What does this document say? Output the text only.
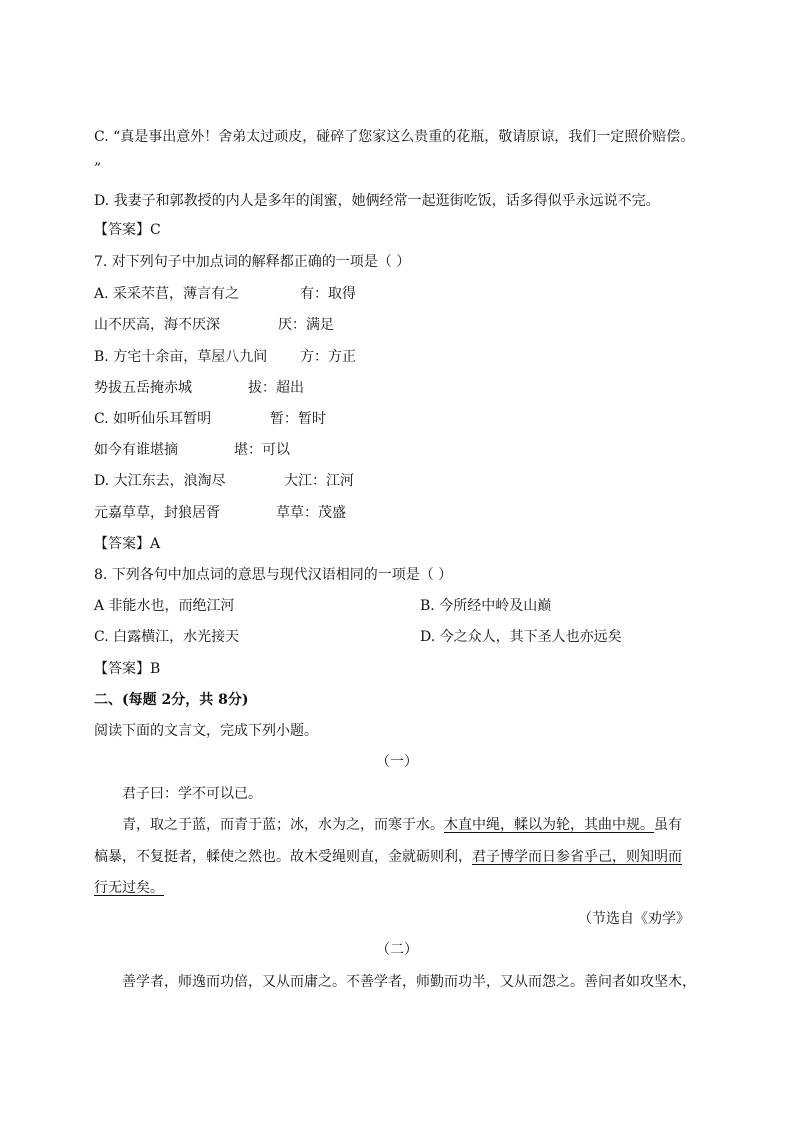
C. “真是事出意外！舍弟太过顽皮，碰碎了您家这么贵重的花瓶，敬请原谅，我们一定照价赔偿。
”
D. 我妻子和郭教授的内人是多年的闺蜜，她俩经常一起逛街吃饭，话多得似乎永远说不完。
【答案】C
7. 对下列句子中加点词的解释都正确的一项是（ ）
A. 采采芣苢，薄言有之	有：取得
山不厌高，海不厌深	厌：满足
B. 方宅十余亩，草屋八九间 方：方正
势拔五岳掩赤城	拔：超出
C. 如听仙乐耳暂明	暂：暂时
如今有谁堪摘	堪：可以
D. 大江东去，浪淘尽	大江：江河
元嘉草草，封狼居胥	草草：茂盛
【答案】A
8. 下列各句中加点词的意思与现代汉语相同的一项是（ ）
A 非能水也，而绝江河	B. 今所经中岭及山巅
C. 白露横江，水光接天	D. 今之众人，其下圣人也亦远矣
【答案】B
二、(每题 2分，共 8分)
阅读下面的文言文，完成下列小题。
（一）
君子曰：学不可以已。
青，取之于蓝，而青于蓝；冰，水为之，而寒于水。木直中绳，輮以为轮，其曲中规。虽有
槁暴，不复挺者，輮使之然也。故木受绳则直，金就砺则利，君子博学而日参省乎己，则知明而
行无过矣。
（节选自《劝学》
（二）
善学者，师逸而功倍，又从而庸之。不善学者，师勤而功半，又从而怨之。善问者如攻坚木，
